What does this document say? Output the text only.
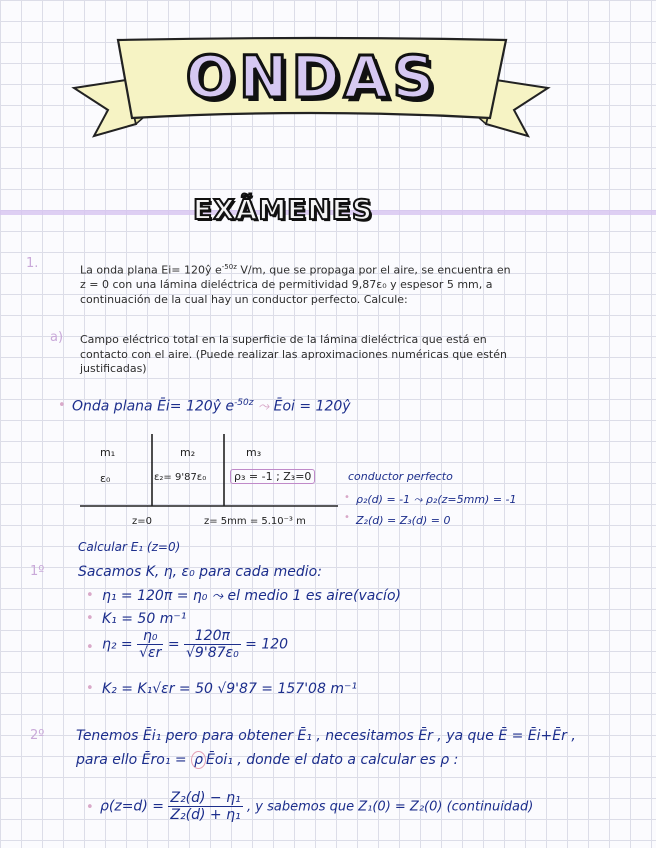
ONDAS
EXÃMENES
1.	La onda plana Ei= 120ŷ $e^{-50z}$ V/m, que se propaga por el aire, se encuentra en
z = 0 con una lámina dieléctrica de permitividad 9,87ε₀ y espesor 5 mm, a
continuación de la cual hay un conductor perfecto. Calcule:
a) Campo eléctrico total en la superficie de la lámina dieléctrica que está en
contacto con el aire. (Puede realizar las aproximaciones numéricas que estén
justificadas)
• Onda plana Ēi= 120ŷ $e^{-50z}$ ⤳ Ēoi = 120ŷ
m₁	m₂	m₃
ε₀	ε₂= 9'87ε₀	ρ₃ = -1 ; Z₃=0	conductor perfecto
• ρ₂(d) = -1 ⤳ ρ₂(z=5mm) = -1
• Z₂(d) = Z₃(d) = 0
z=0	z= 5mm = 5.10⁻³ m
Calcular E₁ (z=0)
1º Sacamos K, η, ε₀ para cada medio:
• η₁ = 120π = η₀ ⤳ el medio 1 es aire(vacío)
• K₁ = 50 m⁻¹
• $\eta_2 = \frac{\text{η₀}}{√\varepsilon r} = \frac{120\pi}{\text{√9'87ε₀}} = 120$
• K₂ = K₁√εr = 50 √9'87 = 157'08 m⁻¹
2º Tenemos Ēi₁ pero para obtener Ē₁ , necesitamos Ēr , ya que Ē = Ēi+Ēr ,
para ello Ēro₁ = ρ Ēoi₁ , donde el dato a calcular es ρ :
• $\rho(z=d) = \frac{\text{Z₂(d) − η₁}}{\text{Z₂(d) + η₁}}$ , y sabemos que Z₁(0) = Z₂(0) (continuidad)
